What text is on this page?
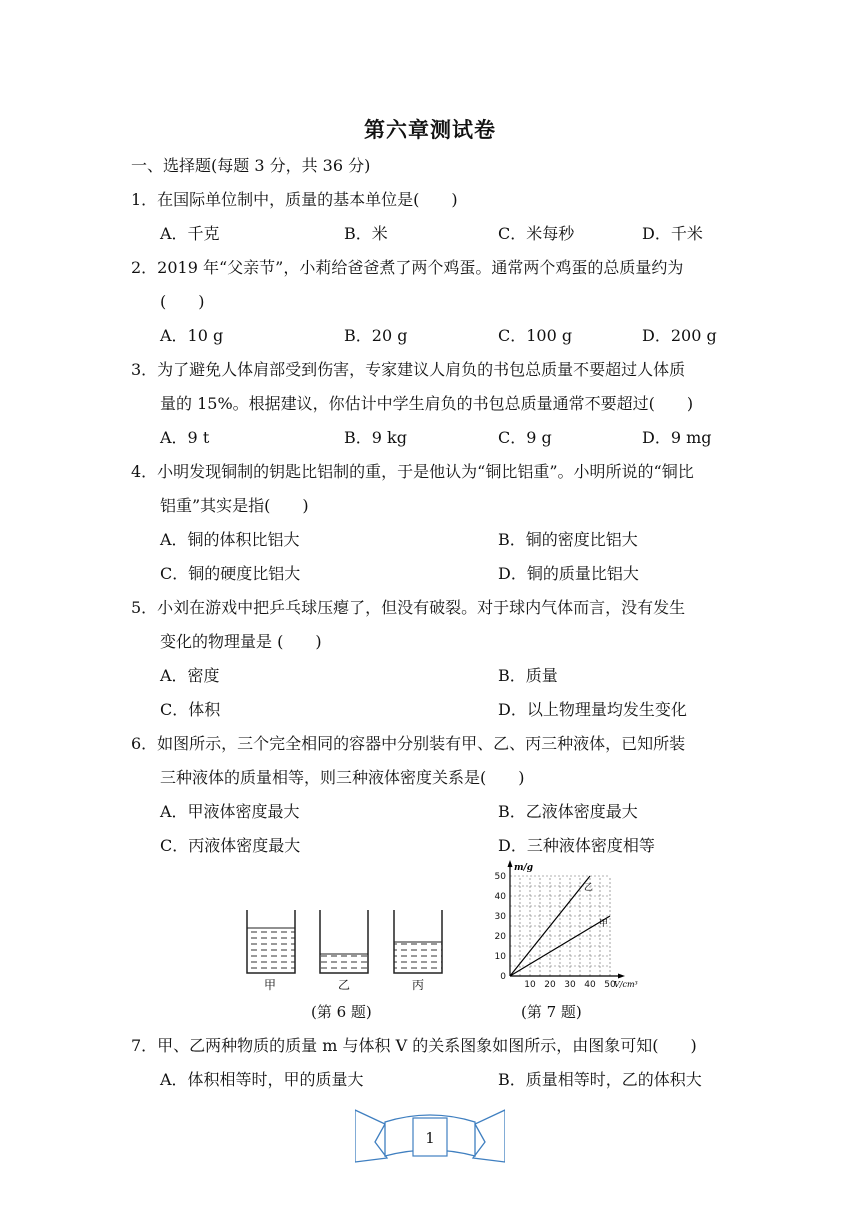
第六章测试卷
一、选择题(每题 3 分，共 36 分)
1．在国际单位制中，质量的基本单位是(　　)
A．千克	B．米	C．米每秒	D．千米
2．2019 年“父亲节”，小莉给爸爸煮了两个鸡蛋。通常两个鸡蛋的总质量约为
(　　)
A．10 g	B．20 g	C．100 g	D．200 g
3．为了避免人体肩部受到伤害，专家建议人肩负的书包总质量不要超过人体质
量的 15%。根据建议，你估计中学生肩负的书包总质量通常不要超过(　　)
A．9 t	B．9 kg	C．9 g	D．9 mg
4．小明发现铜制的钥匙比铝制的重，于是他认为“铜比铝重”。小明所说的“铜比
铝重”其实是指(　　)
A．铜的体积比铝大	B．铜的密度比铝大
C．铜的硬度比铝大	D．铜的质量比铝大
5．小刘在游戏中把乒乓球压瘪了，但没有破裂。对于球内气体而言，没有发生
变化的物理量是 (　　)
A．密度	B．质量
C．体积	D．以上物理量均发生变化
6．如图所示，三个完全相同的容器中分别装有甲、乙、丙三种液体，已知所装
三种液体的质量相等，则三种液体密度关系是(　　)
A．甲液体密度最大	B．乙液体密度最大
C．丙液体密度最大	D．三种液体密度相等
甲	乙	丙
(第 6 题)
10 20 30 40 50
50
40
30
20
10
0
m/g
V/cm³
乙
甲
(第 7 题)
7．甲、乙两种物质的质量 m 与体积 V 的关系图象如图所示，由图象可知(　　)
A．体积相等时，甲的质量大	B．质量相等时，乙的体积大
1
